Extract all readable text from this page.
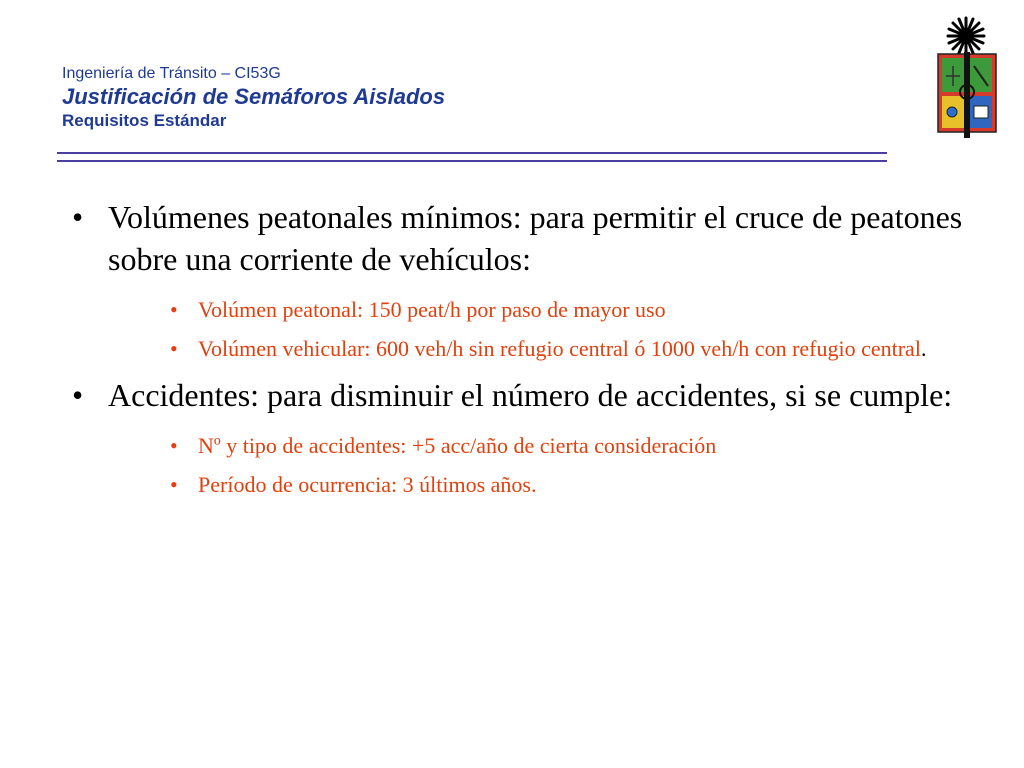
Ingeniería de Tránsito – CI53G
Justificación de Semáforos Aislados
Requisitos Estándar
• Volúmenes peatonales mínimos: para permitir el cruce de peatones sobre una corriente de vehículos:
• Volúmen peatonal: 150 peat/h por paso de mayor uso
• Volúmen vehicular: 600 veh/h sin refugio central ó 1000 veh/h con refugio central.
• Accidentes: para disminuir el número de accidentes, si se cumple:
• Nº y tipo de accidentes: +5 acc/año de cierta consideración
• Período de ocurrencia: 3 últimos años.
